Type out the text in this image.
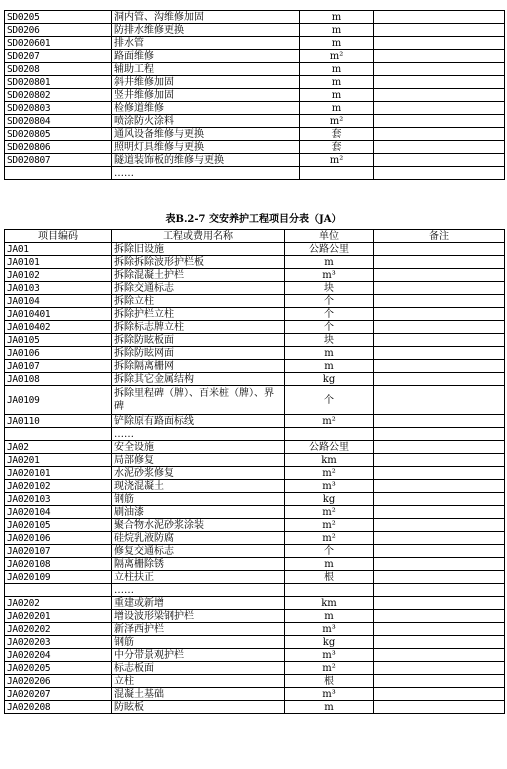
SD0205	洞内管、沟维修加固	m	
SD0206	防排水维修更换	m	
SD020601	排水管	m	
SD0207	路面维修	m²	
SD0208	辅助工程	m	
SD020801	斜井维修加固	m	
SD020802	竖井维修加固	m	
SD020803	检修道维修	m	
SD020804	喷涂防火涂料	m²	
SD020805	通风设备维修与更换	套	
SD020806	照明灯具维修与更换	套	
SD020807	隧道装饰板的维修与更换	m²	
	……		
表B.2-7 交安养护工程项目分表（JA）
项目编码	工程或费用名称	单位	备注
JA01	拆除旧设施	公路公里	
JA0101	拆除拆除波形护栏板	m	
JA0102	拆除混凝土护栏	m³	
JA0103	拆除交通标志	块	
JA0104	拆除立柱	个	
JA010401	拆除护栏立柱	个	
JA010402	拆除标志牌立柱	个	
JA0105	拆除防眩板面	块	
JA0106	拆除防眩网面	m	
JA0107	拆除隔离栅网	m	
JA0108	拆除其它金属结构	kg	
JA0109	拆除里程碑（牌）、百米桩（牌）、界碑	个	
JA0110	铲除原有路面标线	m²	
	……		
JA02	安全设施	公路公里	
JA0201	局部修复	km	
JA020101	水泥砂浆修复	m²	
JA020102	现浇混凝土	m³	
JA020103	钢筋	kg	
JA020104	刷油漆	m²	
JA020105	聚合物水泥砂浆涂装	m²	
JA020106	硅烷乳液防腐	m²	
JA020107	修复交通标志	个	
JA020108	隔离栅除锈	m	
JA020109	立柱扶正	根	
	……		
JA0202	重建或新增	km	
JA020201	增设波形梁钢护栏	m	
JA020202	新泽西护栏	m³	
JA020203	钢筋	kg	
JA020204	中分带景观护栏	m³	
JA020205	标志板面	m²	
JA020206	立柱	根	
JA020207	混凝土基础	m³	
JA020208	防眩板	m	
